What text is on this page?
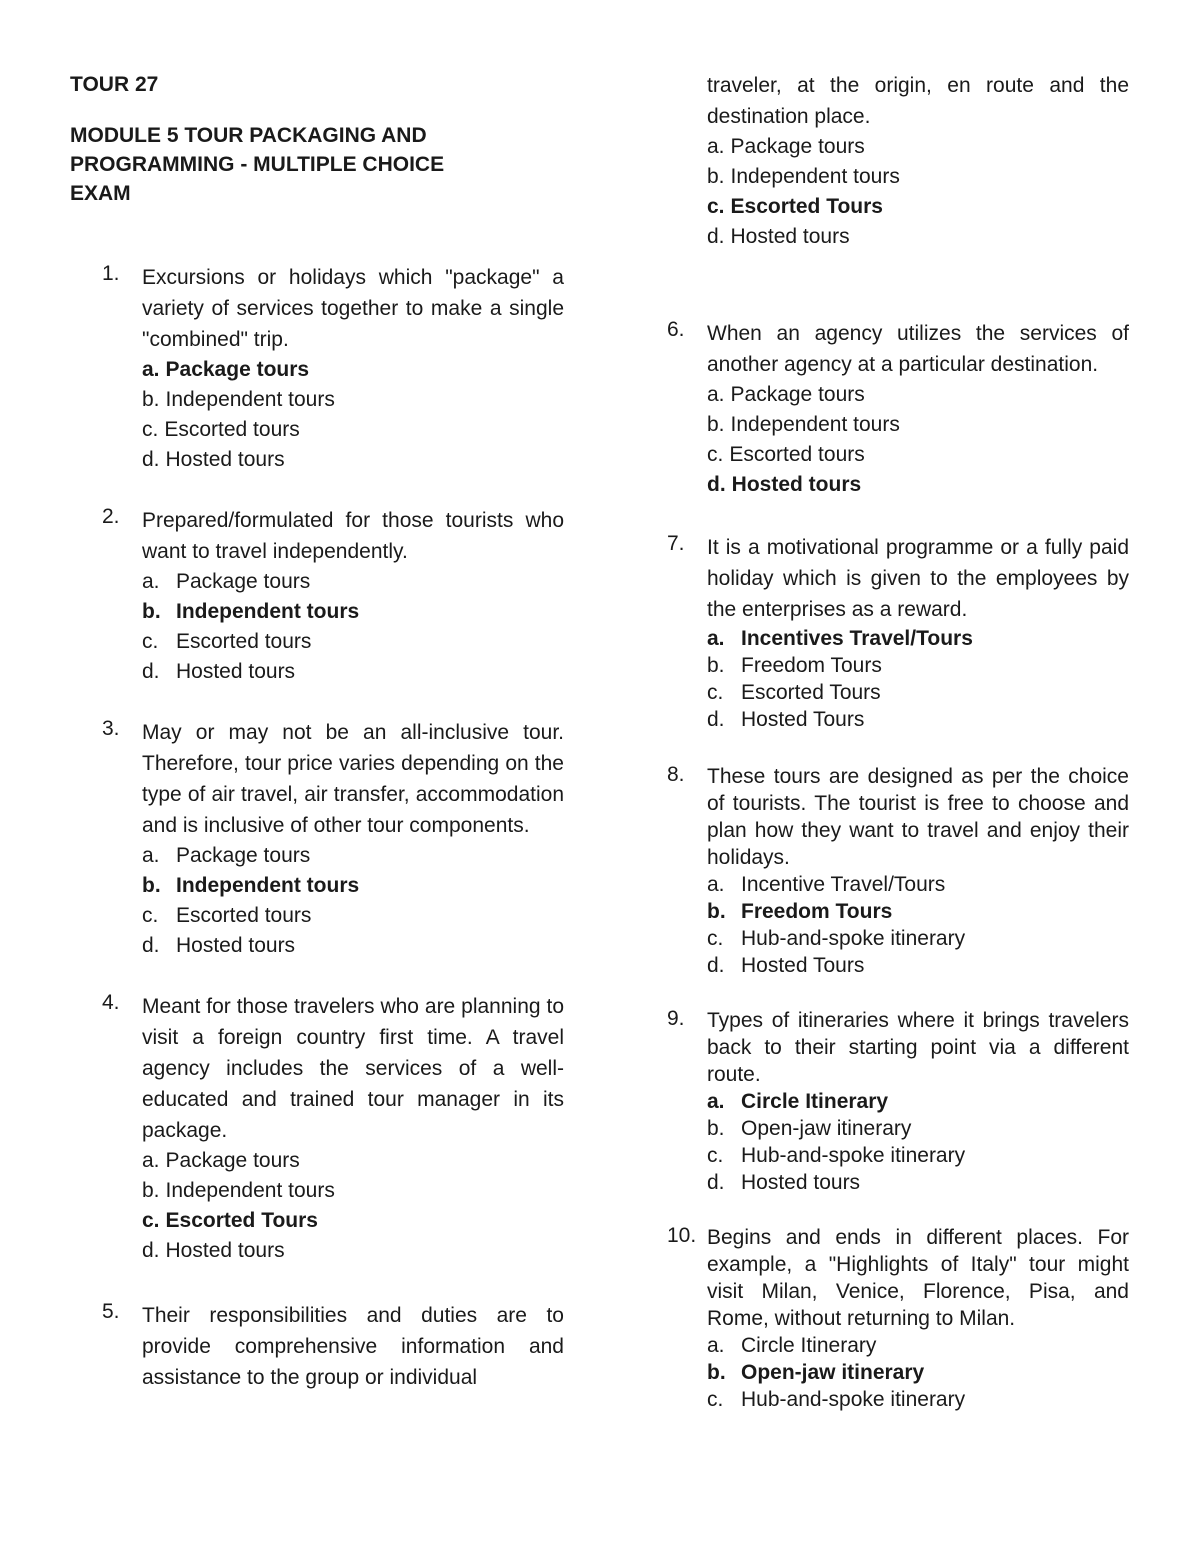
TOUR 27
MODULE 5 TOUR PACKAGING AND
PROGRAMMING - MULTIPLE CHOICE
EXAM
1. Excursions or holidays which "package" a variety of services together to make a single "combined" trip.
a. Package tours
b. Independent tours
c. Escorted tours
d. Hosted tours
2. Prepared/formulated for those tourists who want to travel independently.
a. Package tours
b. Independent tours
c. Escorted tours
d. Hosted tours
3. May or may not be an all-inclusive tour. Therefore, tour price varies depending on the type of air travel, air transfer, accommodation and is inclusive of other tour components.
a. Package tours
b. Independent tours
c. Escorted tours
d. Hosted tours
4. Meant for those travelers who are planning to visit a foreign country first time. A travel agency includes the services of a well-educated and trained tour manager in its package.
a. Package tours
b. Independent tours
c. Escorted Tours
d. Hosted tours
5. Their responsibilities and duties are to provide comprehensive information and assistance to the group or individual
traveler, at the origin, en route and the destination place.
a. Package tours
b. Independent tours
c. Escorted Tours
d. Hosted tours
6. When an agency utilizes the services of another agency at a particular destination.
a. Package tours
b. Independent tours
c. Escorted tours
d. Hosted tours
7. It is a motivational programme or a fully paid holiday which is given to the employees by the enterprises as a reward.
a. Incentives Travel/Tours
b. Freedom Tours
c. Escorted Tours
d. Hosted Tours
8. These tours are designed as per the choice of tourists. The tourist is free to choose and plan how they want to travel and enjoy their holidays.
a. Incentive Travel/Tours
b. Freedom Tours
c. Hub-and-spoke itinerary
d. Hosted Tours
9. Types of itineraries where it brings travelers back to their starting point via a different route.
a. Circle Itinerary
b. Open-jaw itinerary
c. Hub-and-spoke itinerary
d. Hosted tours
10. Begins and ends in different places. For example, a "Highlights of Italy" tour might visit Milan, Venice, Florence, Pisa, and Rome, without returning to Milan.
a. Circle Itinerary
b. Open-jaw itinerary
c. Hub-and-spoke itinerary
